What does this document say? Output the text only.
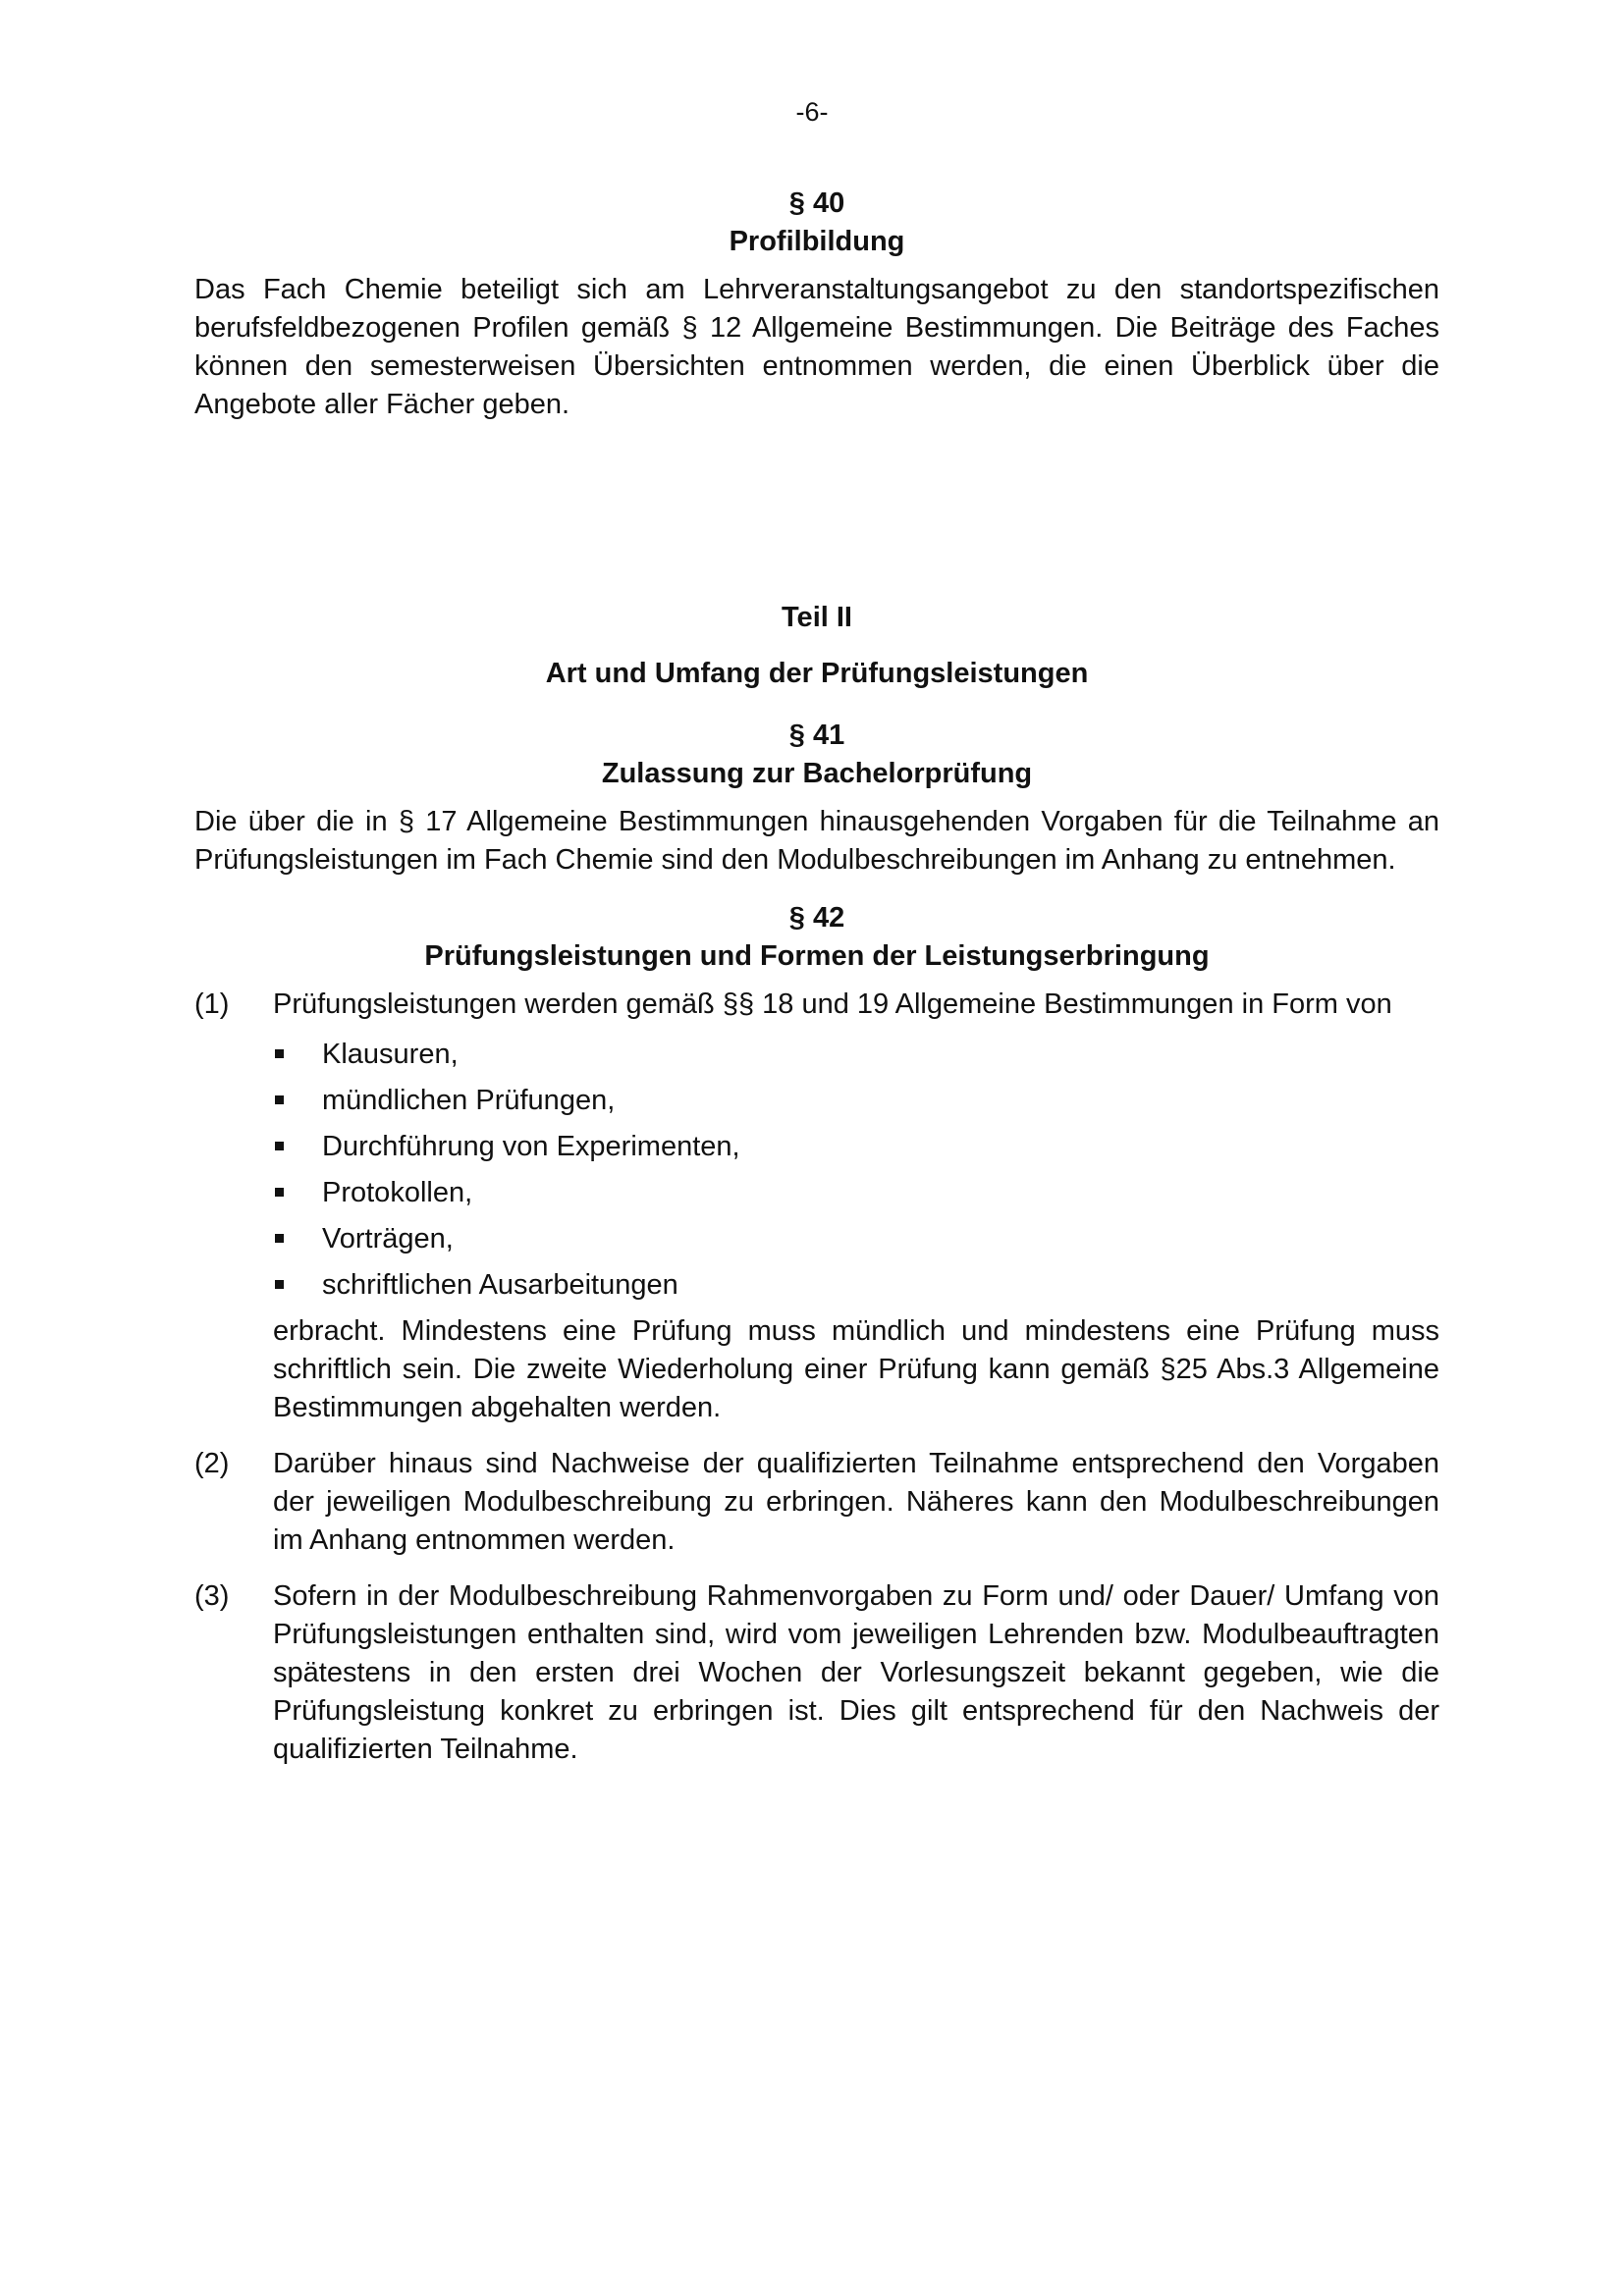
-6-

§ 40

Profilbildung

Das Fach Chemie beteiligt sich am Lehrveranstaltungsangebot zu den standortspezifischen berufsfeldbezogenen Profilen gemäß § 12 Allgemeine Bestimmungen. Die Beiträge des Faches können den semesterweisen Übersichten entnommen werden, die einen Überblick über die Angebote aller Fächer geben.

Teil II

Art und Umfang der Prüfungsleistungen

§ 41

Zulassung zur Bachelorprüfung

Die über die in § 17 Allgemeine Bestimmungen hinausgehenden Vorgaben für die Teilnahme an Prüfungsleistungen im Fach Chemie sind den Modulbeschreibungen im Anhang zu entnehmen.

§ 42

Prüfungsleistungen und Formen der Leistungserbringung

(1) Prüfungsleistungen werden gemäß §§ 18 und 19 Allgemeine Bestimmungen in Form von

Klausuren,
mündlichen Prüfungen,
Durchführung von Experimenten,
Protokollen,
Vorträgen,
schriftlichen Ausarbeitungen

erbracht. Mindestens eine Prüfung muss mündlich und mindestens eine Prüfung muss schriftlich sein. Die zweite Wiederholung einer Prüfung kann gemäß §25 Abs.3 Allgemeine Bestimmungen abgehalten werden.

(2) Darüber hinaus sind Nachweise der qualifizierten Teilnahme entsprechend den Vorgaben der jeweiligen Modulbeschreibung zu erbringen. Näheres kann den Modulbeschreibungen im Anhang entnommen werden.

(3) Sofern in der Modulbeschreibung Rahmenvorgaben zu Form und/ oder Dauer/ Umfang von Prüfungsleistungen enthalten sind, wird vom jeweiligen Lehrenden bzw. Modulbeauftragten spätestens in den ersten drei Wochen der Vorlesungszeit bekannt gegeben, wie die Prüfungsleistung konkret zu erbringen ist. Dies gilt entsprechend für den Nachweis der qualifizierten Teilnahme.
